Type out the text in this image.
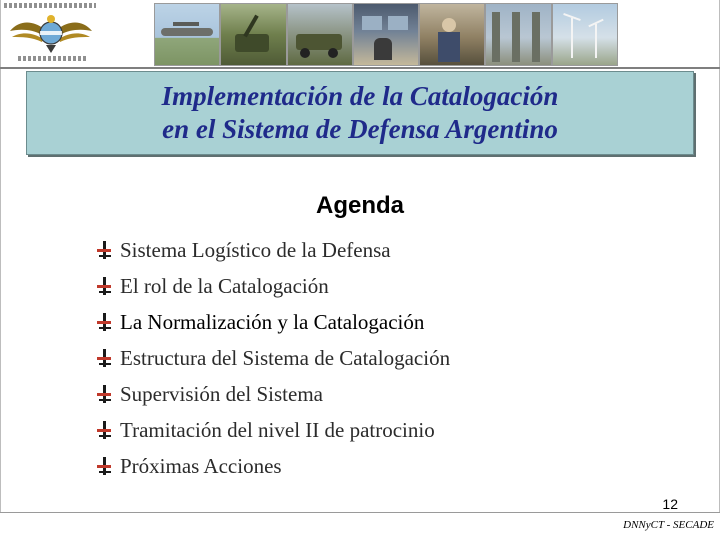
Implementación de la Catalogación
en el Sistema de Defensa Argentino
Agenda
Sistema Logístico de la Defensa
El rol de la Catalogación
La Normalización y la Catalogación
Estructura del Sistema de Catalogación
Supervisión del Sistema
Tramitación del nivel II de patrocinio
Próximas Acciones
12
DNNyCT - SECADE
